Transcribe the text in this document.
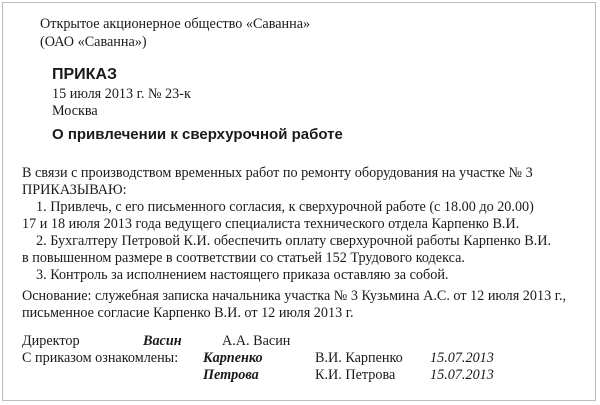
Открытое акционерное общество «Саванна»
(ОАО «Саванна»)
ПРИКАЗ
15 июля 2013 г. № 23-к
Москва
О привлечении к сверхурочной работе
В связи с производством временных работ по ремонту оборудования на участке № 3
ПРИКАЗЫВАЮ:
1. Привлечь, с его письменного согласия, к сверхурочной работе (с 18.00 до 20.00)
17 и 18 июля 2013 года ведущего специалиста технического отдела Карпенко В.И.
2. Бухгалтеру Петровой К.И. обеспечить оплату сверхурочной работы Карпенко В.И.
в повышенном размере в соответствии со статьей 152 Трудового кодекса.
3. Контроль за исполнением настоящего приказа оставляю за собой.
Основание: служебная записка начальника участка № 3 Кузьмина А.С. от 12 июля 2013 г.,
письменное согласие Карпенко В.И. от 12 июля 2013 г.
Директор	Васин	А.А. Васин
С приказом ознакомлены: Карпенко	В.И. Карпенко 15.07.2013
Петрова	К.И. Петрова 15.07.2013
